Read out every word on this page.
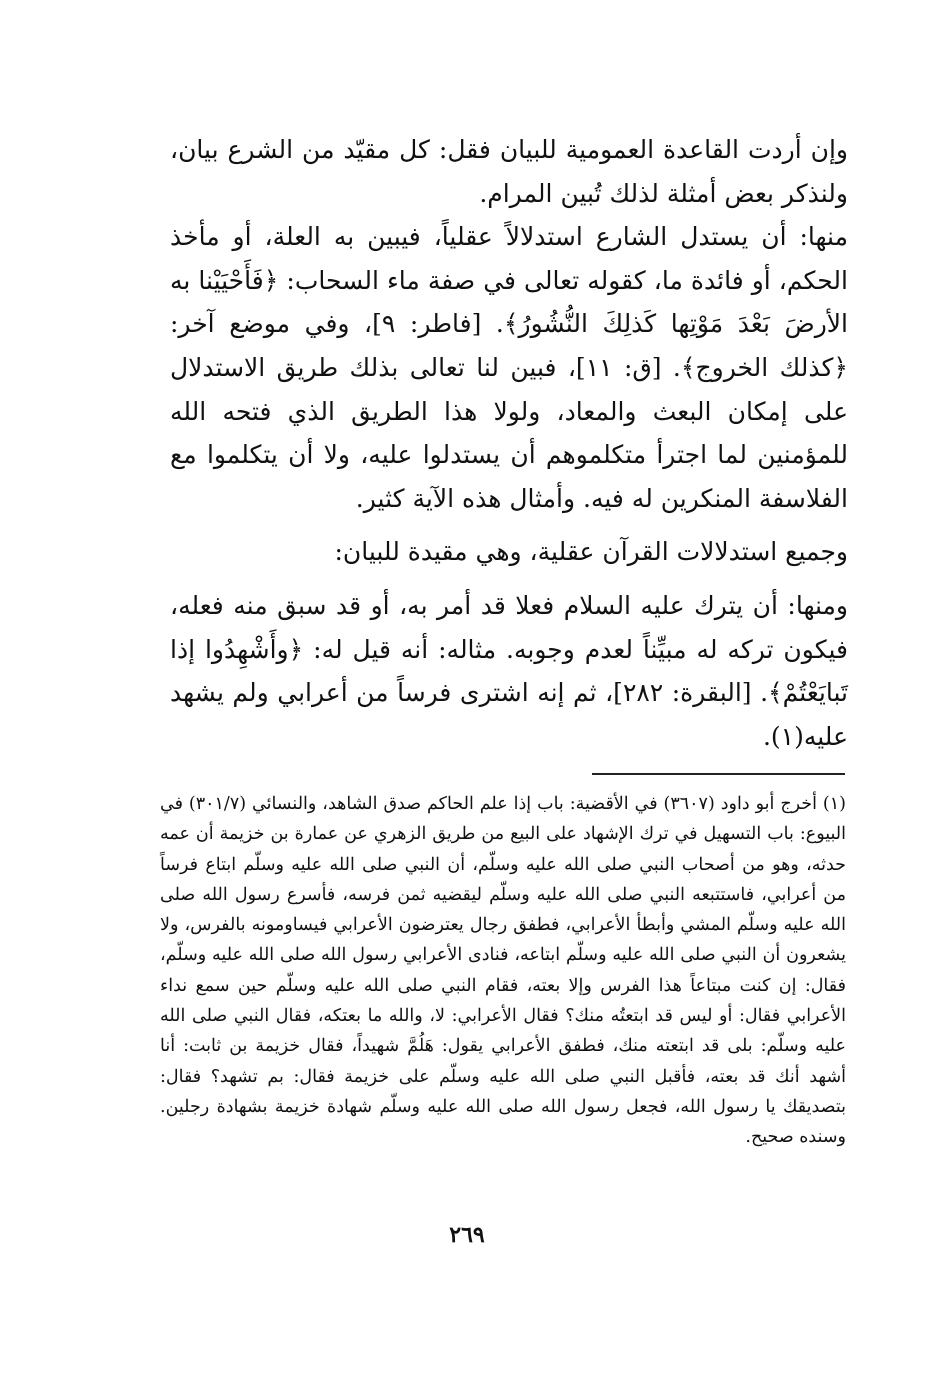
وإن أردت القاعدة العمومية للبيان فقل: كل مقيّد من الشرع بيان، ولنذكر بعض أمثلة لذلك تُبين المرام.

منها: أن يستدل الشارع استدلالاً عقلياً، فيبين به العلة، أو مأخذ الحكم، أو فائدة ما، كقوله تعالى في صفة ماء السحاب: ﴿فَأَحْيَيْنا به الأرضَ بَعْدَ مَوْتِها كَذلِكَ النُّشُورُ﴾. [فاطر: ٩]، وفي موضع آخر: ﴿كذلك الخروج﴾. [ق: ١١]، فبين لنا تعالى بذلك طريق الاستدلال على إمكان البعث والمعاد، ولولا هذا الطريق الذي فتحه الله للمؤمنين لما اجترأ متكلموهم أن يستدلوا عليه، ولا أن يتكلموا مع الفلاسفة المنكرين له فيه. وأمثال هذه الآية كثير.

وجميع استدلالات القرآن عقلية، وهي مقيدة للبيان:

ومنها: أن يترك عليه السلام فعلا قد أمر به، أو قد سبق منه فعله، فيكون تركه له مبيِّناً لعدم وجوبه. مثاله: أنه قيل له: ﴿وأَشْهِدُوا إذا تَبايَعْتُمْ﴾. [البقرة: ٢٨٢]، ثم إنه اشترى فرساً من أعرابي ولم يشهد عليه(١).

(١) أخرج أبو داود (٣٦٠٧) في الأقضية: باب إذا علم الحاكم صدق الشاهد، والنسائي (٣٠١/٧) في البيوع: باب التسهيل في ترك الإشهاد على البيع من طريق الزهري عن عمارة بن خزيمة أن عمه حدثه، وهو من أصحاب النبي صلى الله عليه وسلّم، أن النبي صلى الله عليه وسلّم ابتاع فرساً من أعرابي، فاستتبعه النبي صلى الله عليه وسلّم ليقضيه ثمن فرسه، فأسرع رسول الله صلى الله عليه وسلّم المشي وأبطأ الأعرابي، فطفق رجال يعترضون الأعرابي فيساومونه بالفرس، ولا يشعرون أن النبي صلى الله عليه وسلّم ابتاعه، فنادى الأعرابي رسول الله صلى الله عليه وسلّم، فقال: إن كنت مبتاعاً هذا الفرس وإلا بعته، فقام النبي صلى الله عليه وسلّم حين سمع نداء الأعرابي فقال: أو ليس قد ابتعتُه منك؟ فقال الأعرابي: لا، والله ما بعتكه، فقال النبي صلى الله عليه وسلّم: بلى قد ابتعته منك، فطفق الأعرابي يقول: هَلُمَّ شهيداً، فقال خزيمة بن ثابت: أنا أشهد أنك قد بعته، فأقبل النبي صلى الله عليه وسلّم على خزيمة فقال: بم تشهد؟ فقال: بتصديقك يا رسول الله، فجعل رسول الله صلى الله عليه وسلّم شهادة خزيمة بشهادة رجلين. وسنده صحيح.

٢٦٩
